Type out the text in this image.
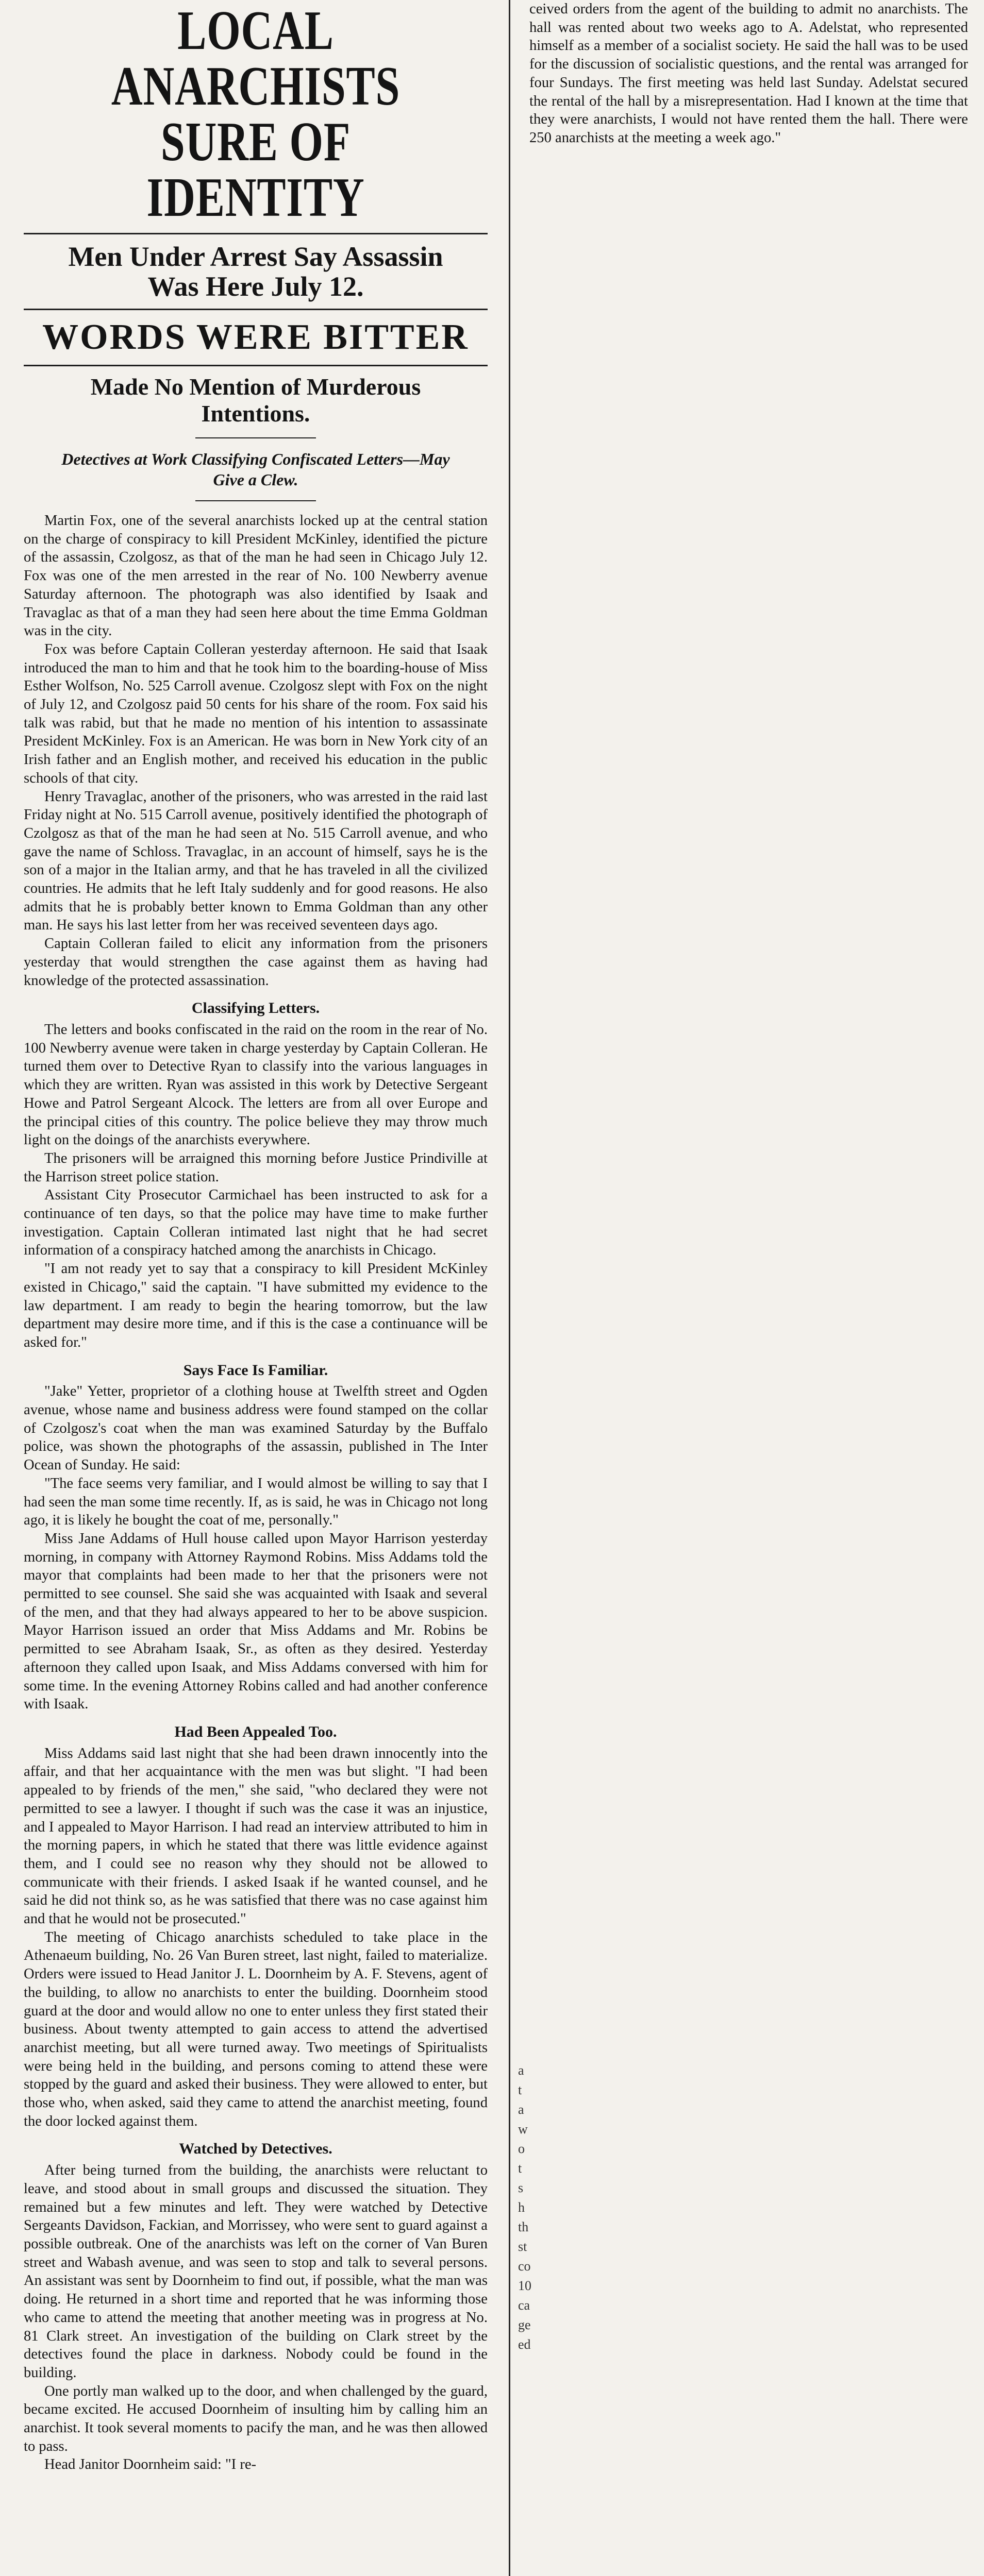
LOCAL ANARCHISTS
SURE OF IDENTITY
Men Under Arrest Say Assassin
Was Here July 12.
WORDS WERE BITTER
Made No Mention of Murderous
Intentions.
Detectives at Work Classifying Confiscated Letters—May Give a Clew.

Martin Fox, one of the several anarchists locked up at the central station on the charge of conspiracy to kill President McKinley, identified the picture of the assassin, Czolgosz, as that of the man he had seen in Chicago July 12. Fox was one of the men arrested in the rear of No. 100 Newberry avenue Saturday afternoon. The photograph was also identified by Isaak and Travaglac as that of a man they had seen here about the time Emma Goldman was in the city.

Fox was before Captain Colleran yesterday afternoon. He said that Isaak introduced the man to him and that he took him to the boarding-house of Miss Esther Wolfson, No. 525 Carroll avenue. Czolgosz slept with Fox on the night of July 12, and Czolgosz paid 50 cents for his share of the room. Fox said his talk was rabid, but that he made no mention of his intention to assassinate President McKinley. Fox is an American. He was born in New York city of an Irish father and an English mother, and received his education in the public schools of that city.

Henry Travaglac, another of the prisoners, who was arrested in the raid last Friday night at No. 515 Carroll avenue, positively identified the photograph of Czolgosz as that of the man he had seen at No. 515 Carroll avenue, and who gave the name of Schloss. Travaglac, in an account of himself, says he is the son of a major in the Italian army, and that he has traveled in all the civilized countries. He admits that he left Italy suddenly and for good reasons. He also admits that he is probably better known to Emma Goldman than any other man. He says his last letter from her was received seventeen days ago.

Captain Colleran failed to elicit any information from the prisoners yesterday that would strengthen the case against them as having had knowledge of the protected assassination.

Classifying Letters.

The letters and books confiscated in the raid on the room in the rear of No. 100 Newberry avenue were taken in charge yesterday by Captain Colleran. He turned them over to Detective Ryan to classify into the various languages in which they are written. Ryan was assisted in this work by Detective Sergeant Howe and Patrol Sergeant Alcock. The letters are from all over Europe and the principal cities of this country. The police believe they may throw much light on the doings of the anarchists everywhere.

The prisoners will be arraigned this morning before Justice Prindiville at the Harrison street police station.

Assistant City Prosecutor Carmichael has been instructed to ask for a continuance of ten days, so that the police may have time to make further investigation. Captain Colleran intimated last night that he had secret information of a conspiracy hatched among the anarchists in Chicago.

"I am not ready yet to say that a conspiracy to kill President McKinley existed in Chicago," said the captain. "I have submitted my evidence to the law department. I am ready to begin the hearing tomorrow, but the law department may desire more time, and if this is the case a continuance will be asked for."

Says Face Is Familiar.

"Jake" Yetter, proprietor of a clothing house at Twelfth street and Ogden avenue, whose name and business address were found stamped on the collar of Czolgosz's coat when the man was examined Saturday by the Buffalo police, was shown the photographs of the assassin, published in The Inter Ocean of Sunday. He said:

"The face seems very familiar, and I would almost be willing to say that I had seen the man some time recently. If, as is said, he was in Chicago not long ago, it is likely he bought the coat of me, personally."

Miss Jane Addams of Hull house called upon Mayor Harrison yesterday morning, in company with Attorney Raymond Robins. Miss Addams told the mayor that complaints had been made to her that the prisoners were not permitted to see counsel. She said she was acquainted with Isaak and several of the men, and that they had always appeared to her to be above suspicion. Mayor Harrison issued an order that Miss Addams and Mr. Robins be permitted to see Abraham Isaak, Sr., as often as they desired. Yesterday afternoon they called upon Isaak, and Miss Addams conversed with him for some time. In the evening Attorney Robins called and had another conference with Isaak.

Had Been Appealed Too.

Miss Addams said last night that she had been drawn innocently into the affair, and that her acquaintance with the men was but slight. "I had been appealed to by friends of the men," she said, "who declared they were not permitted to see a lawyer. I thought if such was the case it was an injustice, and I appealed to Mayor Harrison. I had read an interview attributed to him in the morning papers, in which he stated that there was little evidence against them, and I could see no reason why they should not be allowed to communicate with their friends. I asked Isaak if he wanted counsel, and he said he did not think so, as he was satisfied that there was no case against him and that he would not be prosecuted."

The meeting of Chicago anarchists scheduled to take place in the Athenaeum building, No. 26 Van Buren street, last night, failed to materialize. Orders were issued to Head Janitor J. L. Doornheim by A. F. Stevens, agent of the building, to allow no anarchists to enter the building. Doornheim stood guard at the door and would allow no one to enter unless they first stated their business. About twenty attempted to gain access to attend the advertised anarchist meeting, but all were turned away. Two meetings of Spiritualists were being held in the building, and persons coming to attend these were stopped by the guard and asked their business. They were allowed to enter, but those who, when asked, said they came to attend the anarchist meeting, found the door locked against them.

Watched by Detectives.

After being turned from the building, the anarchists were reluctant to leave, and stood about in small groups and discussed the situation. They remained but a few minutes and left. They were watched by Detective Sergeants Davidson, Fackian, and Morrissey, who were sent to guard against a possible outbreak. One of the anarchists was left on the corner of Van Buren street and Wabash avenue, and was seen to stop and talk to several persons. An assistant was sent by Doornheim to find out, if possible, what the man was doing. He returned in a short time and reported that he was informing those who came to attend the meeting that another meeting was in progress at No. 81 Clark street. An investigation of the building on Clark street by the detectives found the place in darkness. Nobody could be found in the building.

One portly man walked up to the door, and when challenged by the guard, became excited. He accused Doornheim of insulting him by calling him an anarchist. It took several moments to pacify the man, and he was then allowed to pass.

Head Janitor Doornheim said: "I re-

ceived orders from the agent of the building to admit no anarchists. The hall was rented about two weeks ago to A. Adelstat, who represented himself as a member of a socialist society. He said the hall was to be used for the discussion of socialistic questions, and the rental was arranged for four Sundays. The first meeting was held last Sunday. Adelstat secured the rental of the hall by a misrepresentation. Had I known at the time that they were anarchists, I would not have rented them the hall. There were 250 anarchists at the meeting a week ago."

a
t
a
w
o
t
s
h
th
st
co
10
ca
ge
ed
